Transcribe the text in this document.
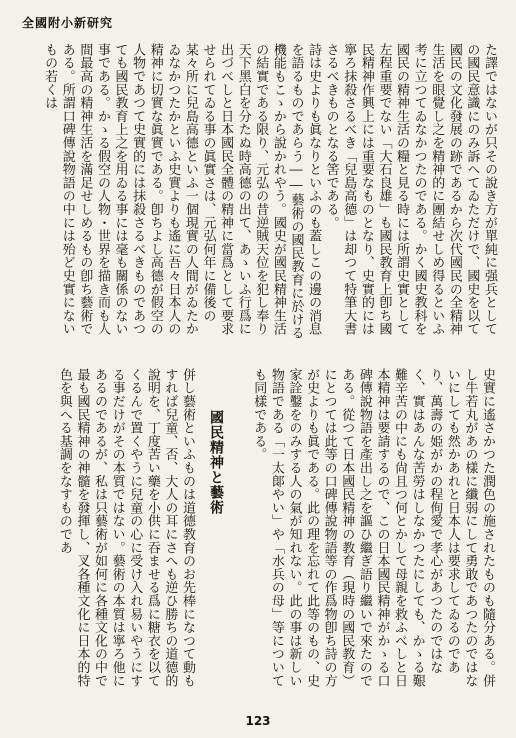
全國附小新研究

た譯ではないが只その說き方が單純に强兵としての國民意識にのみ訴へてゐただけで、國史を以て國民の文化發展の跡であるから次代國民の全精神生活を眼覺し之を精神的に團結せしめ得るといふ考に立つてゐなかつたのである。かく國史教科を國民の精神生活の糧と見る時には所謂史實として左程重要でない「大石良雄」も國民教育上卽ち國民精神作興上には重要なものとなり、史實的には寧ろ抹殺さるべき「兒島高德」は却つて特筆大書さるべきものとなる筈である。

詩は史よりも眞なりといふのも蓋しこの邊の消息を語るものであらう――藝術の國民教育に於ける機能もこゝから說かれやう。國史が國民精神生活の結實である限り、元弘の昔逆賊天位を犯し奉り天下黑白を分たぬ時高德の出て、あゝいふ行爲に出づべしと日本國民全體の精神に當爲として要求せられてゐる事の眞實さは、元弘何年に備後の某々所に兒島高德といふ一個現實の人間がゐたかゐなかつたかといふ史實よりも遙に吾々日本人の精神に切實な眞實である。卽ちよし高德が假空の人物であつて史實的には抹殺さるべきものであつても國民教育上之を用ゐる事には毫も關係のない事である。かゝる假空の人物・世界を描き而も人間最高の精神生活を滿足せしめるもの卽ち藝術である。所謂口碑傳說物語の中には殆ど史實にないもの若くは

史實に遙さかつた潤色の施されたものも隨分ある。併し牛若丸があの樣に纖弱にして勇敢であつたのではないにしても然かあれと日本人は要求してゐるのであり、萬壽の姫がかの程侚愛で孝心があつたのではなく、實はあんな苦勞はしなかつたにしても、かゝる艱難辛苦の中にも尙且つ何とかして母親を救ふべしと日本精神は要請するので、この日本國民精神がかゝる口碑傳說物語を產出し之を謳ひ繼ぎ語り繼いで來たのである。從つて日本國民精神の教育（現時の國民教育）にとつては此等の口碑傳說物語等の作爲物卽ち詩の方が史よりも眞である。此の理を忘れて此等のもの、史家詮鑿をのみする人の氣が知れない。此の事は新しい物語である「一太郞やい」や「水兵の母」等についても同樣である。

國民精神と藝術

併し藝術といふものは道德教育のお先棒になつて動もすれば兒童、否、大人の耳にさへも逆ひ勝ちの道德的說明を、丁度苦い藥を小供に吞ませる爲に糖衣を以てくるんで置くやうに兒童の心に受け入れ易いやうにする事だけがその本質ではない。藝術の本質は寧ろ他にあるのであるが、私は只藝術が如何に各種文化の中で最も國民精神の神髓を發揮し、叉各種文化に日本的特色を與へる基調をなすものであ

123
